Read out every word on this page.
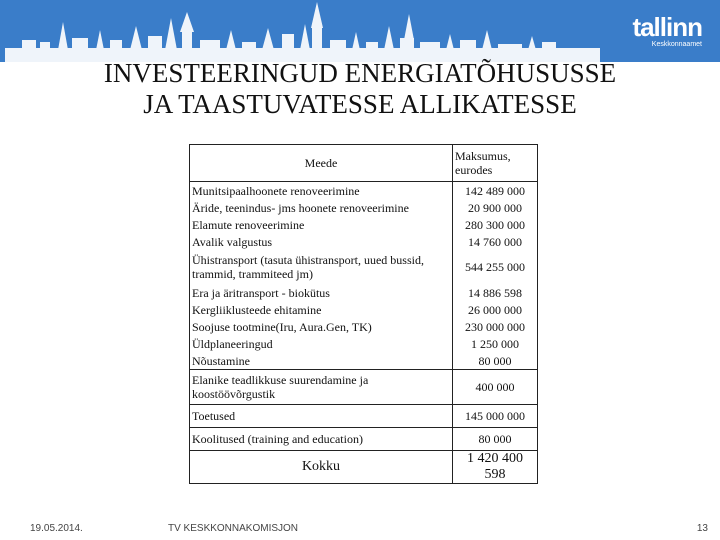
tallinn
Keskkonnaamet
INVESTEERINGUD ENERGIATÕHUSUSSE
JA TAASTUVATESSE ALLIKATESSE
Meede	Maksumus,
eurodes

Munitsipaalhoonete renoveerimine	142 489 000
Äride, teenindus- jms hoonete renoveerimine	20 900 000
Elamute renoveerimine	280 300 000
Avalik valgustus	14 760 000
Ühistransport (tasuta ühistransport, uued bussid, trammid, trammiteed jm)	544 255 000
Era ja äritransport - biokütus	14 886 598
Kergliiklusteede ehitamine	26 000 000
Soojuse tootmine(Iru, Aura.Gen, TK)	230 000 000
Üldplaneeringud	1 250 000
Nõustamine	80 000
Elanike teadlikkuse suurendamine ja koostöövõrgustik	400 000
Toetused	145 000 000
Koolitused (training and education)	80 000
Kokku	1 420 400 598
19.05.2014.	TV KESKKONNAKOMISJON	13
